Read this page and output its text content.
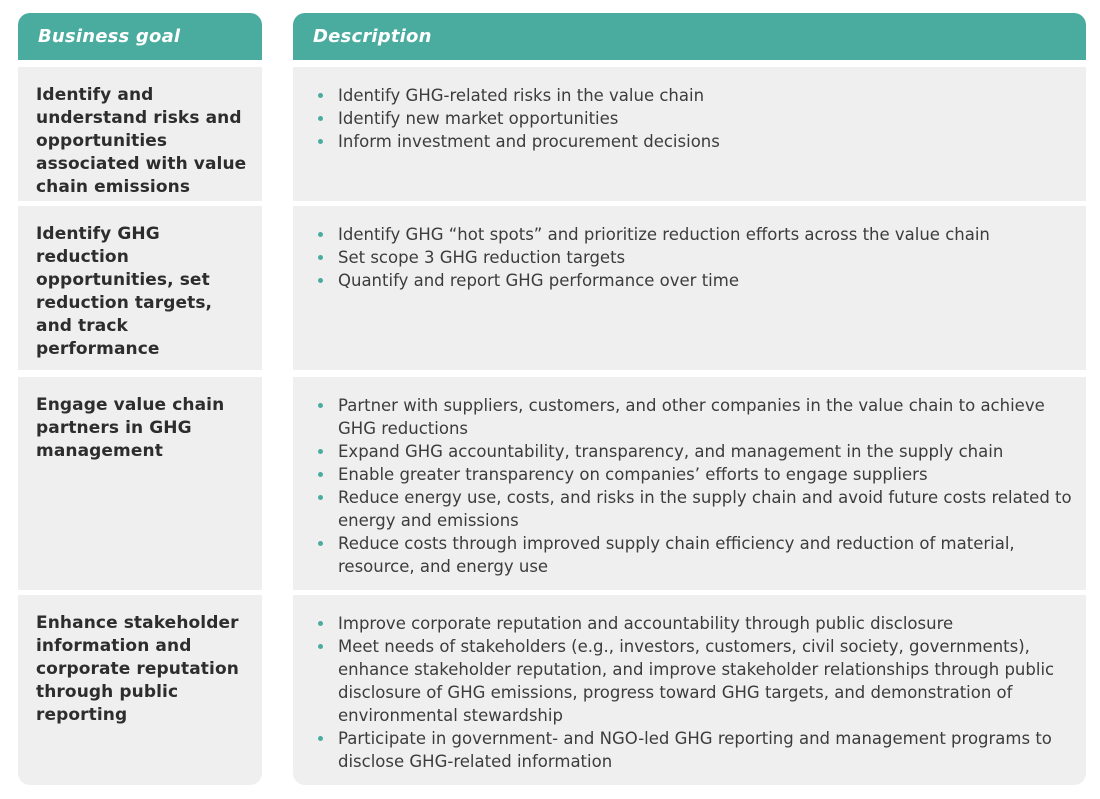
Business goal
Identify and understand risks and opportunities associated with value chain emissions
Identify GHG reduction opportunities, set reduction targets, and track performance
Engage value chain partners in GHG management
Enhance stakeholder information and corporate reputation through public reporting
Description
Identify GHG-related risks in the value chain
Identify new market opportunities
Inform investment and procurement decisions
Identify GHG “hot spots” and prioritize reduction efforts across the value chain
Set scope 3 GHG reduction targets
Quantify and report GHG performance over time
Partner with suppliers, customers, and other companies in the value chain to achieve GHG reductions
Expand GHG accountability, transparency, and management in the supply chain
Enable greater transparency on companies’ efforts to engage suppliers
Reduce energy use, costs, and risks in the supply chain and avoid future costs related to energy and emissions
Reduce costs through improved supply chain efficiency and reduction of material, resource, and energy use
Improve corporate reputation and accountability through public disclosure
Meet needs of stakeholders (e.g., investors, customers, civil society, governments), enhance stakeholder reputation, and improve stakeholder relationships through public disclosure of GHG emissions, progress toward GHG targets, and demonstration of environmental stewardship
Participate in government- and NGO-led GHG reporting and management programs to disclose GHG-related information
